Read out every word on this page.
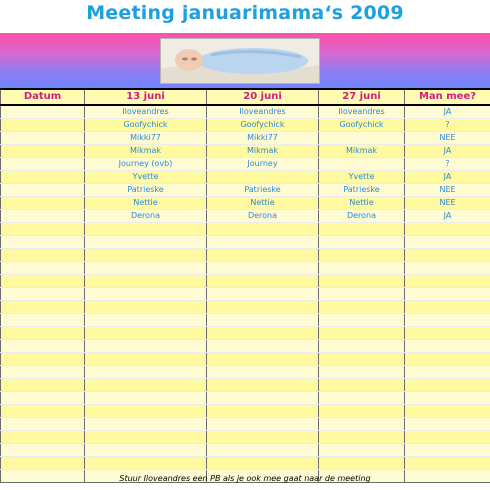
Meeting januarimama‘s 2009
Datum	13 juni	20 juni	27 juni	Man mee?
	Iloveandres	Iloveandres	Iloveandres	JA
	Goofychick	Goofychick	Goofychick	?
	Mikki77	Mikki77		NEE
	Mikmak	Mikmak	Mikmak	JA
	Journey (ovb)	Journey		?
	Yvette		Yvette	JA
	Patrieske	Patrieske	Patrieske	NEE
	Nettie	Nettie	Nettie	NEE
	Derona	Derona	Derona	JA

Stuur Iloveandres een PB als je ook mee gaat naar de meeting
